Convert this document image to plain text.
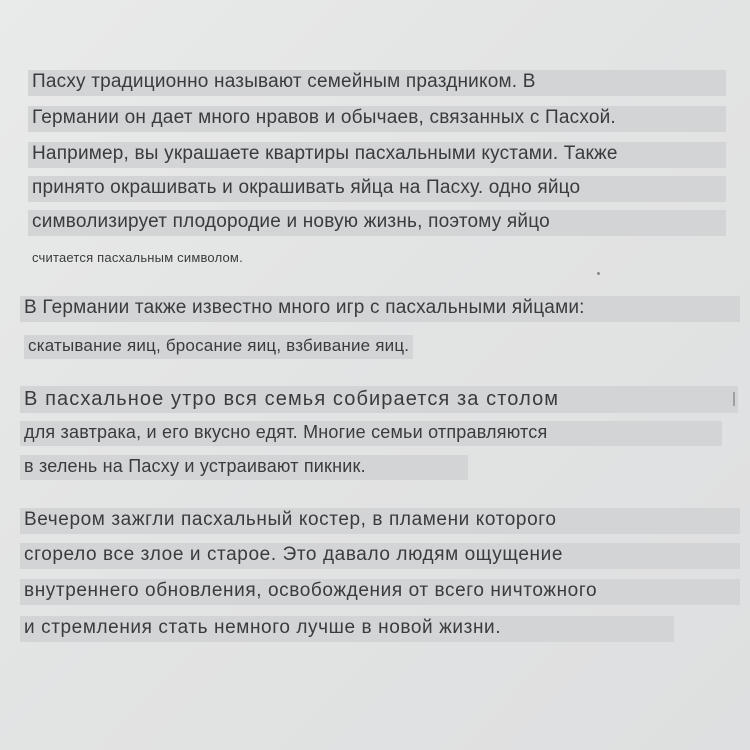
Пасху традиционно называют семейным праздником. В
Германии он дает много нравов и обычаев, связанных с Пасхой.
Например, вы украшаете квартиры пасхальными кустами. Также
принято окрашивать и окрашивать яйца на Пасху. одно яйцо
символизирует плодородие и новую жизнь, поэтому яйцо
считается пасхальным символом.
В Германии также известно много игр с пасхальными яйцами:
скатывание яиц, бросание яиц, взбивание яиц.
В пасхальное утро вся семья собирается за столом
для завтрака, и его вкусно едят. Многие семьи отправляются
в зелень на Пасху и устраивают пикник.
Вечером зажгли пасхальный костер, в пламени которого
сгорело все злое и старое. Это давало людям ощущение
внутреннего обновления, освобождения от всего ничтожного
и стремления стать немного лучше в новой жизни.
